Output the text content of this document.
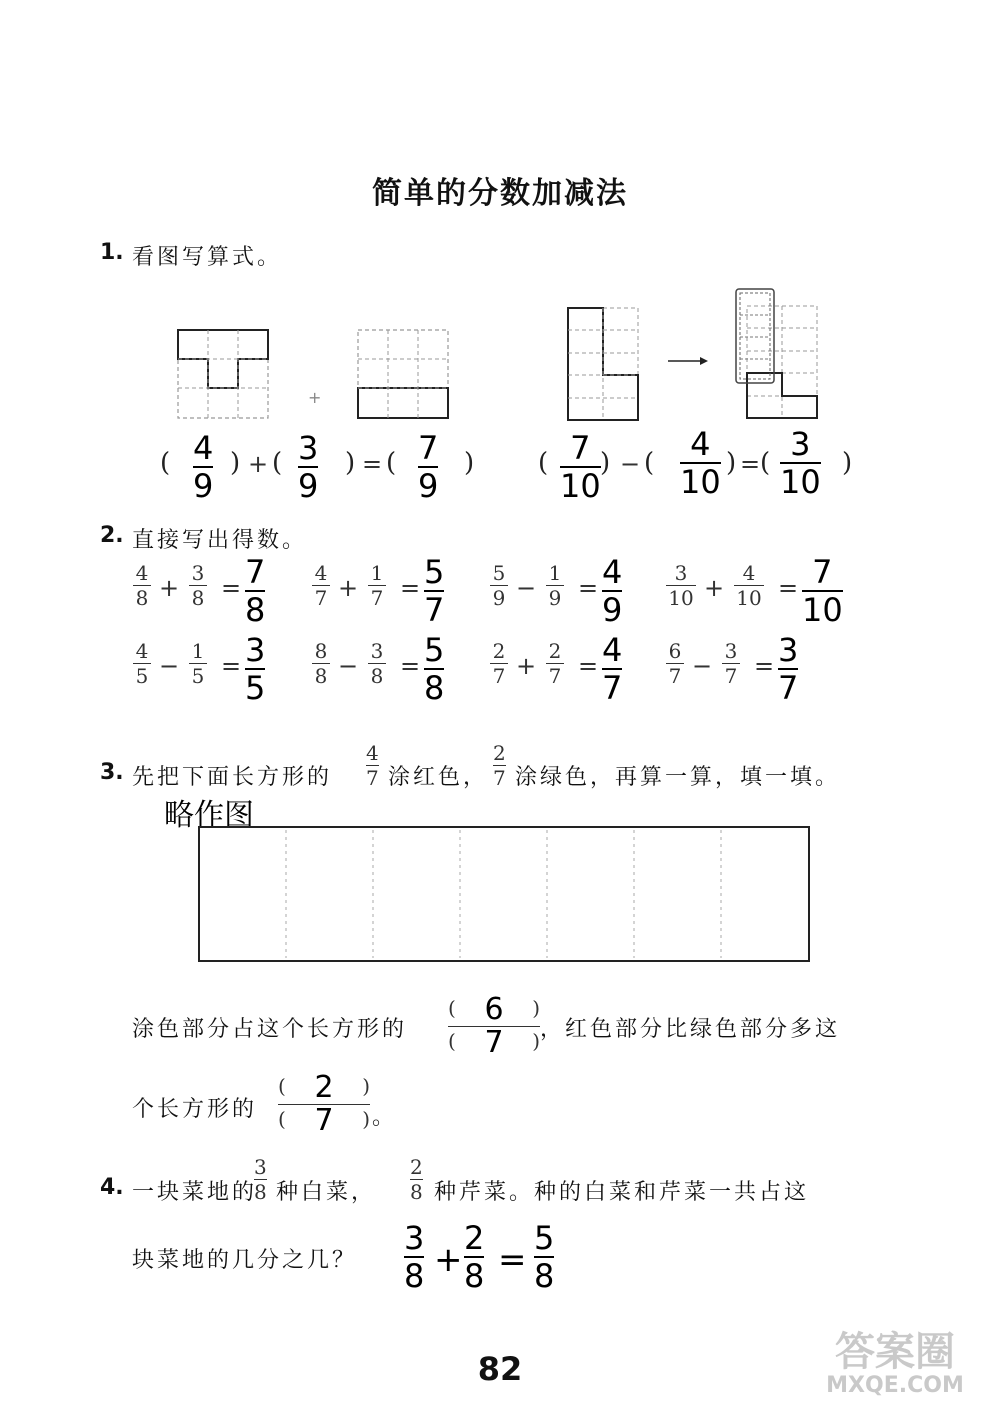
简单的分数加减法
1. 看图写算式。
+
( 4
9
) + ( 3
9
) = ( 7
9
) ( 7
10
) − ( 4
10 ) = ( 3
10 )
2. 直接写出得数。
4
8 +
3
8 = 7
8
4
7 +
1
7 = 5
7
5
9 −
1
9 = 4
9
3
10 +
4
10 = 7
10
4
5 −
1
5 = 3
5
8
8 −
3
8 = 5
8
2
7 +
2
7 = 4
7
6
7 −
3
7 = 3
7
3. 先把下面长方形的
4
7 涂红色，
2
7 涂绿色，再算一算，填一填。
略作图
涂色部分占这个长方形的
( 6 )
( 7 ) ，红色部分比绿色部分多这
个长方形的
( 2 )
( 7 ) 。
4. 一块菜地的
3
8 种白菜，
2
8 种芹菜。种的白菜和芹菜一共占这
块菜地的几分之几？
3
8 +
2
8 =
5
8
82	答案圈
MXQE.COM
